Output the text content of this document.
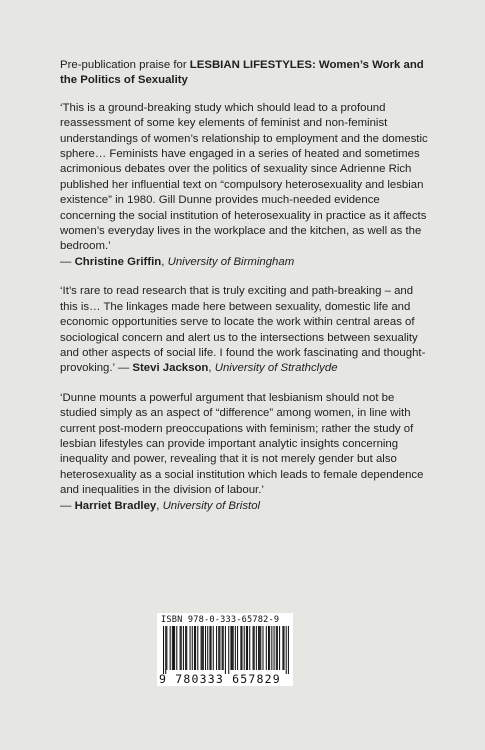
Pre-publication praise for LESBIAN LIFESTYLES: Women’s Work and the Politics of Sexuality

‘This is a ground-breaking study which should lead to a profound reassessment of some key elements of feminist and non-feminist understandings of women’s relationship to employment and the domestic sphere… Feminists have engaged in a series of heated and sometimes acrimonious debates over the politics of sexuality since Adrienne Rich published her influential text on “compulsory heterosexuality and lesbian existence” in 1980. Gill Dunne provides much-needed evidence concerning the social institution of heterosexuality in practice as it affects women’s everyday lives in the workplace and the kitchen, as well as the bedroom.’
— Christine Griffin, University of Birmingham

‘It’s rare to read research that is truly exciting and path-breaking – and this is… The linkages made here between sexuality, domestic life and economic opportunities serve to locate the work within central areas of sociological concern and alert us to the intersections between sexuality and other aspects of social life. I found the work fascinating and thought-provoking.’ — Stevi Jackson, University of Strathclyde

‘Dunne mounts a powerful argument that lesbianism should not be studied simply as an aspect of “difference” among women, in line with current post-modern preoccupations with feminism; rather the study of lesbian lifestyles can provide important analytic insights concerning inequality and power, revealing that it is not merely gender but also heterosexuality as a social institution which leads to female dependence and inequalities in the division of labour.’
— Harriet Bradley, University of Bristol

ISBN 978-0-333-65782-9
9 780333 657829
